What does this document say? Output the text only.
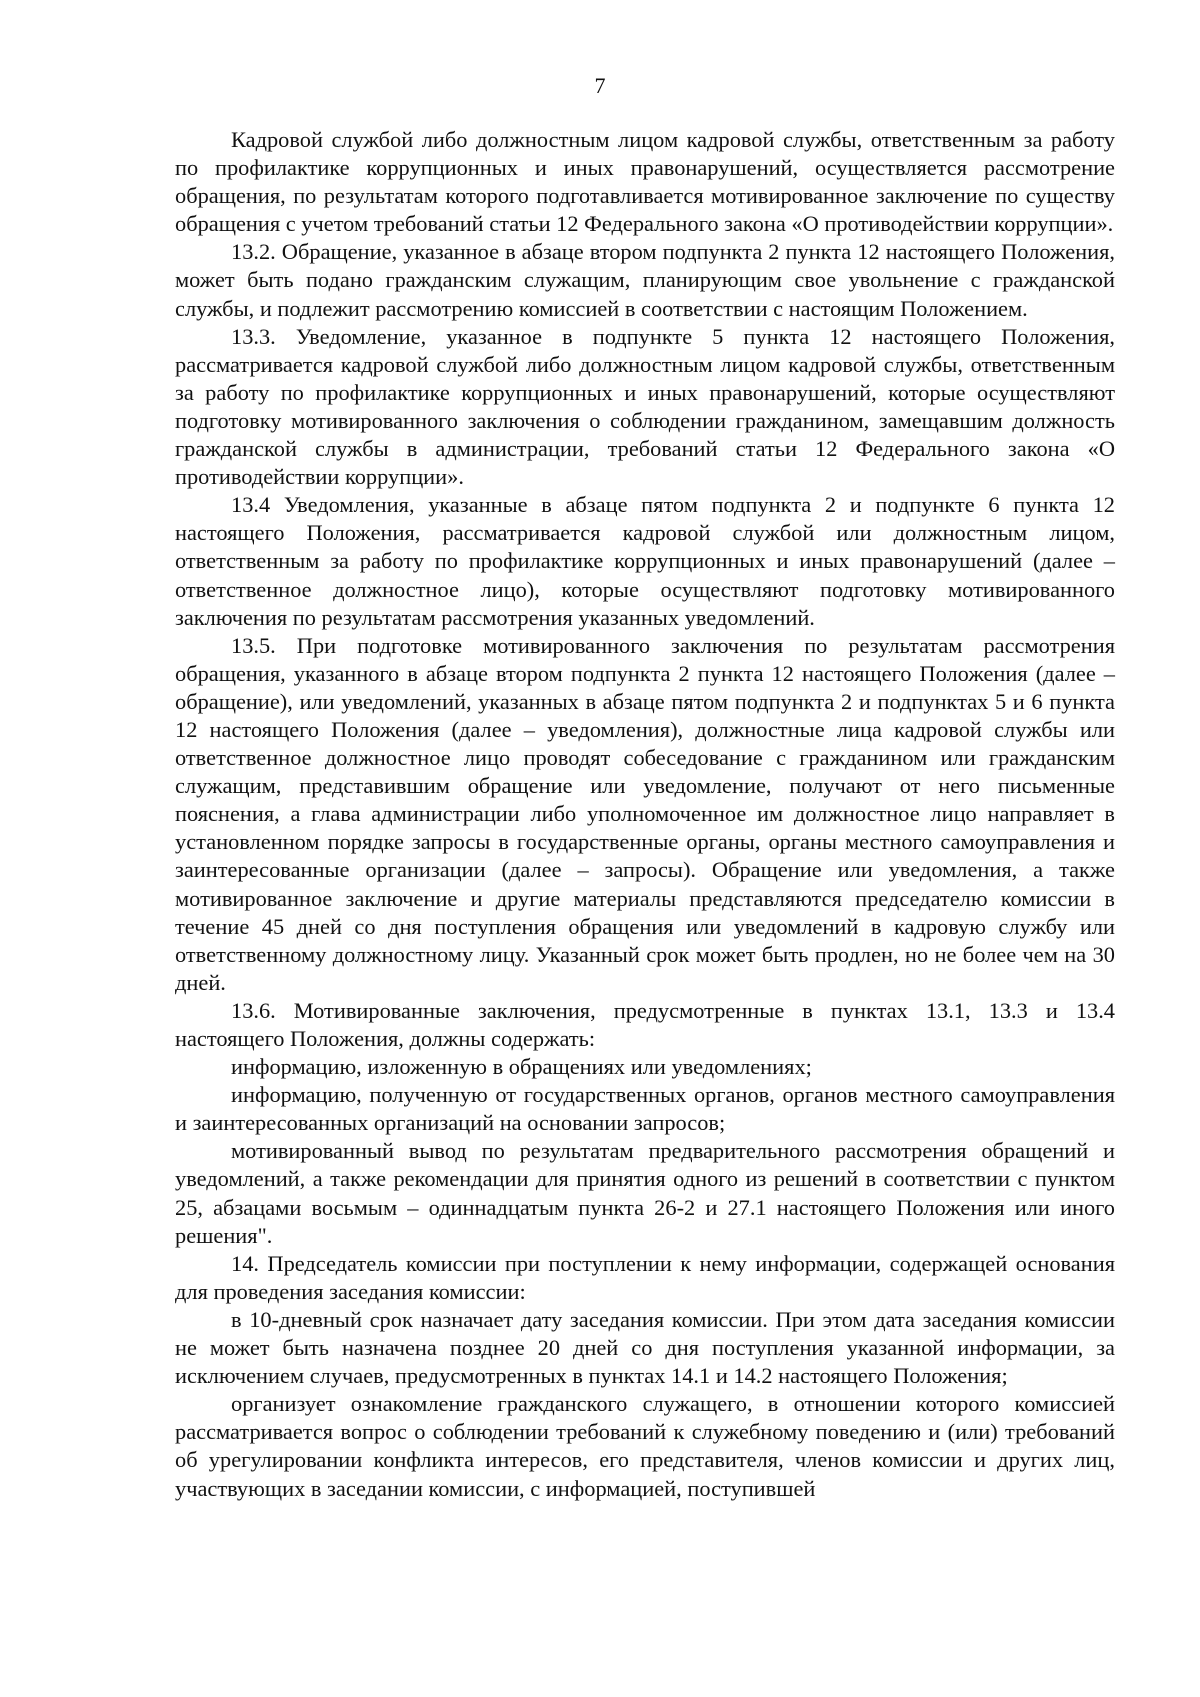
7

Кадровой службой либо должностным лицом кадровой службы, ответственным за работу по профилактике коррупционных и иных правонарушений, осуществляется рассмотрение обращения, по результатам которого подготавливается мотивированное заключение по существу обращения с учетом требований статьи 12 Федерального закона «О противодействии коррупции».

13.2. Обращение, указанное в абзаце втором подпункта 2 пункта 12 настоящего Положения, может быть подано гражданским служащим, планирующим свое увольнение с гражданской службы, и подлежит рассмотрению комиссией в соответствии с настоящим Положением.

13.3. Уведомление, указанное в подпункте 5 пункта 12 настоящего Положения, рассматривается кадровой службой либо должностным лицом кадровой службы, ответственным за работу по профилактике коррупционных и иных правонарушений, которые осуществляют подготовку мотивированного заключения о соблюдении гражданином, замещавшим должность гражданской службы в администрации, требований статьи 12 Федерального закона «О противодействии коррупции».

13.4 Уведомления, указанные в абзаце пятом подпункта 2 и подпункте 6 пункта 12 настоящего Положения, рассматривается кадровой службой или должностным лицом, ответственным за работу по профилактике коррупционных и иных правонарушений (далее – ответственное должностное лицо), которые осуществляют подготовку мотивированного заключения по результатам рассмотрения указанных уведомлений.

13.5. При подготовке мотивированного заключения по результатам рассмотрения обращения, указанного в абзаце втором подпункта 2 пункта 12 настоящего Положения (далее – обращение), или уведомлений, указанных в абзаце пятом подпункта 2 и подпунктах 5 и 6 пункта 12 настоящего Положения (далее – уведомления), должностные лица кадровой службы или ответственное должностное лицо проводят собеседование с гражданином или гражданским служащим, представившим обращение или уведомление, получают от него письменные пояснения, а глава администрации либо уполномоченное им должностное лицо направляет в установленном порядке запросы в государственные органы, органы местного самоуправления и заинтересованные организации (далее – запросы). Обращение или уведомления, а также мотивированное заключение и другие материалы представляются председателю комиссии в течение 45 дней со дня поступления обращения или уведомлений в кадровую службу или ответственному должностному лицу. Указанный срок может быть продлен, но не более чем на 30 дней.

13.6. Мотивированные заключения, предусмотренные в пунктах 13.1, 13.3 и 13.4 настоящего Положения, должны содержать:

информацию, изложенную в обращениях или уведомлениях;

информацию, полученную от государственных органов, органов местного самоуправления и заинтересованных организаций на основании запросов;

мотивированный вывод по результатам предварительного рассмотрения обращений и уведомлений, а также рекомендации для принятия одного из решений в соответствии с пунктом 25, абзацами восьмым – одиннадцатым пункта 26-2 и 27.1 настоящего Положения или иного решения".

14. Председатель комиссии при поступлении к нему информации, содержащей основания для проведения заседания комиссии:

в 10-дневный срок назначает дату заседания комиссии. При этом дата заседания комиссии не может быть назначена позднее 20 дней со дня поступления указанной информации, за исключением случаев, предусмотренных в пунктах 14.1 и 14.2 настоящего Положения;

организует ознакомление гражданского служащего, в отношении которого комиссией рассматривается вопрос о соблюдении требований к служебному поведению и (или) требований об урегулировании конфликта интересов, его представителя, членов комиссии и других лиц, участвующих в заседании комиссии, с информацией, поступившей
